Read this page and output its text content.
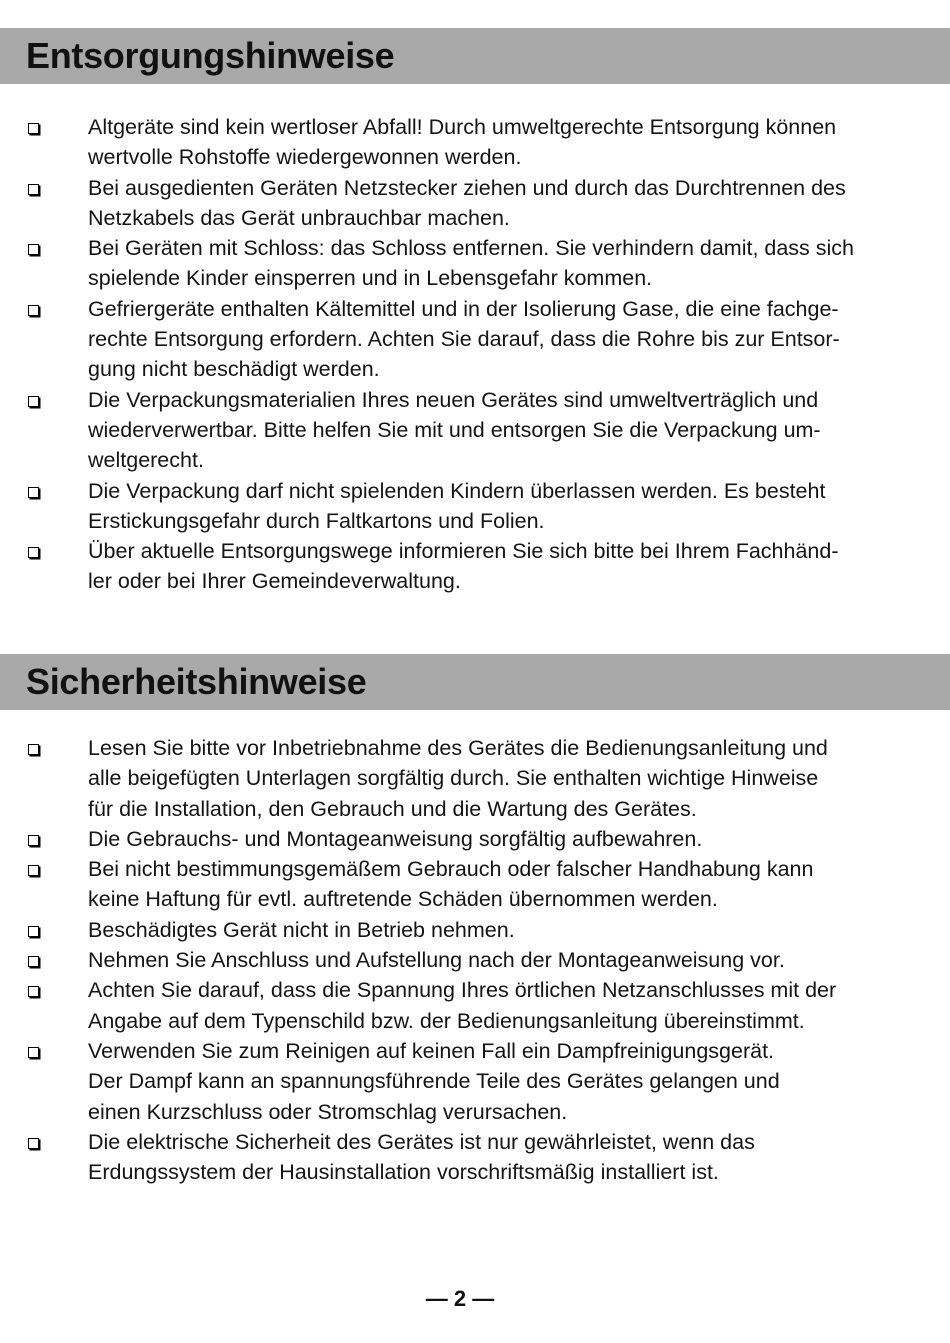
Entsorgungshinweise
Altgeräte sind kein wertloser Abfall! Durch umweltgerechte Entsorgung können
wertvolle Rohstoffe wiedergewonnen werden.
Bei ausgedienten Geräten Netzstecker ziehen und durch das Durchtrennen des
Netzkabels das Gerät unbrauchbar machen.
Bei Geräten mit Schloss: das Schloss entfernen. Sie verhindern damit, dass sich
spielende Kinder einsperren und in Lebensgefahr kommen.
Gefriergeräte enthalten Kältemittel und in der Isolierung Gase, die eine fachge-
rechte Entsorgung erfordern. Achten Sie darauf, dass die Rohre bis zur Entsor-
gung nicht beschädigt werden.
Die Verpackungsmaterialien Ihres neuen Gerätes sind umweltverträglich und
wiederverwertbar. Bitte helfen Sie mit und entsorgen Sie die Verpackung um-
weltgerecht.
Die Verpackung darf nicht spielenden Kindern überlassen werden. Es besteht
Erstickungsgefahr durch Faltkartons und Folien.
Über aktuelle Entsorgungswege informieren Sie sich bitte bei Ihrem Fachhänd-
ler oder bei Ihrer Gemeindeverwaltung.
Sicherheitshinweise
Lesen Sie bitte vor Inbetriebnahme des Gerätes die Bedienungsanleitung und
alle beigefügten Unterlagen sorgfältig durch. Sie enthalten wichtige Hinweise
für die Installation, den Gebrauch und die Wartung des Gerätes.
Die Gebrauchs- und Montageanweisung sorgfältig aufbewahren.
Bei nicht bestimmungsgemäßem Gebrauch oder falscher Handhabung kann
keine Haftung für evtl. auftretende Schäden übernommen werden.
Beschädigtes Gerät nicht in Betrieb nehmen.
Nehmen Sie Anschluss und Aufstellung nach der Montageanweisung vor.
Achten Sie darauf, dass die Spannung Ihres örtlichen Netzanschlusses mit der
Angabe auf dem Typenschild bzw. der Bedienungsanleitung übereinstimmt.
Verwenden Sie zum Reinigen auf keinen Fall ein Dampfreinigungsgerät.
Der Dampf kann an spannungsführende Teile des Gerätes gelangen und
einen Kurzschluss oder Stromschlag verursachen.
Die elektrische Sicherheit des Gerätes ist nur gewährleistet, wenn das
Erdungssystem der Hausinstallation vorschriftsmäßig installiert ist.
— 2 —
